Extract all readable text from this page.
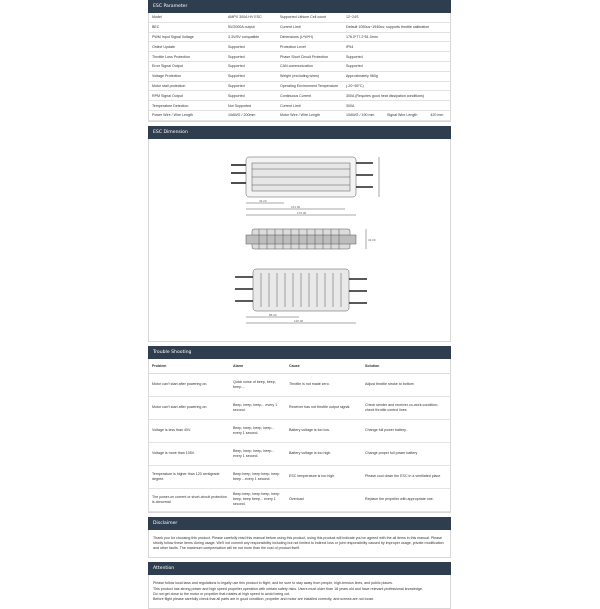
ESC Parameter
Model	AMPX 300A HV ESC	Supported Lithium Cell count	12~24S		
BEC	5V/2000A output	Current Limit	Default 1050us~1940us; supports throttle calibration		
PWM Input Signal Voltage	3.3V/5V compatible	Dimensions (L*W*H)	176.0*77.2*51.0mm		
Online Update	Supported	Protection Level	IP54		
Throttle Loss Protection	Supported	Phase Short Circuit Protection	Supported		
Error Signal Output	Supported	CAN communication	Supported		
Voltage Protection	Supported	Weight (excluding wires)	Approximately 980g		
Motor stall protection	Supported	Operating Environment Temperature	(-20~65°C)		
RPM Signal Output	Supported	Continuous Current	300A (Requires good heat dissipation conditions)		
Temperature Detection	Not Supported	Current Limit	300A		
Power Wire / Wire Length	10AWG / 200mm	Motor Wire / Wire Length	10AWG / 190 mm	Signal Wire Length	420 mm
ESC Dimension
43.20
161.00
176.00
32.00
88.00
120.00
Trouble Shooting
Problem	Alarm	Cause	Solution
Motor can't start after powering on.	Quick noise of beep, beep, beep....	Throttle is not made zero.	Adjust throttle stroke to bottom
Motor can't start after powering on.	Beep, beep, beep... every 1 second.	Receiver has not throttle output signal.	Check sender and receiver co-work condition; check throttle control lines
Voltage is less than 40V.	Beep, beep, beep, beep... every 1 second.	Battery voltage is too low.	Change full power battery.
Voltage is more than 105V.	Beep, beep, beep, beep... every 1 second.	Battery voltage is too high	Change proper full power battery
Temperature is higher than 120 centigrade degree.	Beep beep, beep beep, beep beep ...every 1 second.	ESC temperature is too high.	Please cool down the ESC in a ventilated place
The power-on current or short-circuit protection is abnormal	Beep beep, beep beep, beep beep, beep beep... every 1 second.	Overload	Replace the propeller with appropriate one.
Disclaimer
Thank you for choosing this product. Please carefully read this manual before using this product, using this product will indicate you've agreed with the all items in this manual. Please strictly follow these items during usage. We'll not commit any responsibility including but not limited to indirect loss or joint responsibility caused by improper usage, private modification and other faults. The maximum compensation will be not more than the cost of product itself.
Attention
Please follow local laws and regulations to legally use this product in flight, and be sure to stay away from people, high-tension lines, and public places.
This product has strong power and high speed propeller operation with certain safety risks. Users must older than 18 years old and have relevant professional knowledge.
Do not get close to the motor or propeller that rotates at high speed to avoid being cut.
Before flight please carefully check that all parts are in good condition, propeller and motor are installed correctly, and screws are not loose.
